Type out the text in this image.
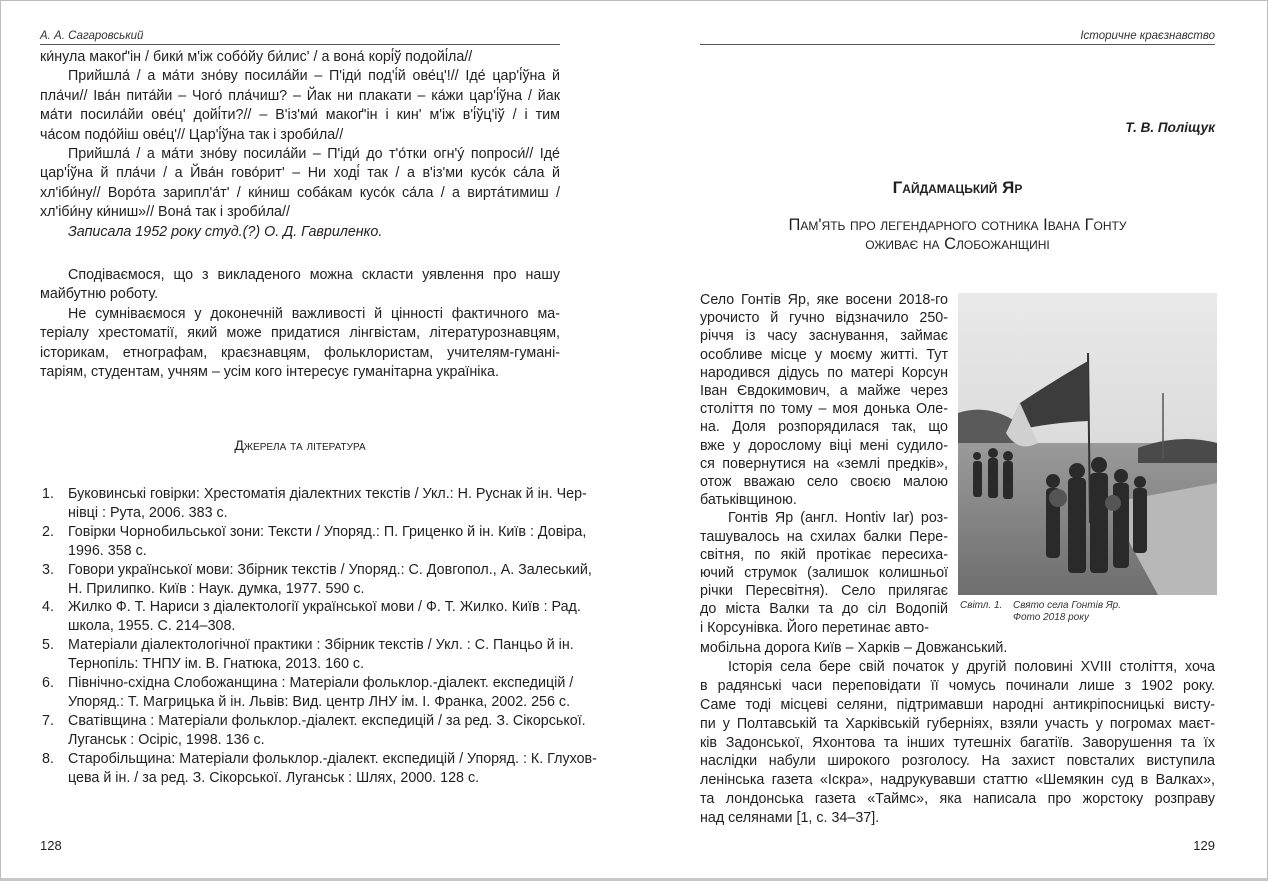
А. А. Сагаровський
ки́нула макоґ'ін / бики́ м'іж собо́йу би́лис' / а вона́ корі́ў подойі́ла//
Прийшла́ / а ма́ти зно́ву посила́йи – П'іди́ под'і́й ове́ц'!// Іде́ цар'і́ўна й
пла́чи// Іва́н пита́йи – Чого́ пла́чиш? – Йак ни плакати – ка́жи цар'і́ўна / йак
ма́ти посила́йи ове́ц' дойі́ти?// – В'із'ми́ макоґ'ін і кин' м'іж в'і́ўц'іў / і тим
ча́сом подо́йіш ове́ц'// Цар'і́ўна так і зроби́ла//
Прийшла́ / а ма́ти зно́ву посила́йи – П'іди́ до т'о́тки огн'ý попроси́// Іде́
цар'і́ўна й пла́чи / а Йва́н гово́рит' – Ни ході́ так / а в'із'ми кусо́к са́ла й
хл'іби́ну// Воро́та зарипл'а́т' / ки́ниш соба́кам кусо́к са́ла / а вирта́тимиш /
хл'іби́ну ки́ниш»// Вона́ так і зроби́ла//
Записала 1952 року студ.(?) О. Д. Гавриленко.
Сподіваємося, що з викладеного можна скласти уявлення про нашу
майбутню роботу.
Не сумніваємося у доконечній важливості й цінності фактичного ма-
теріалу хрестоматії, який може придатися лінгвістам, літературознавцям,
історикам, етнографам, краєзнавцям, фольклористам, учителям-гумані-
таріям, студентам, учням – усім кого інтересує гуманітарна україніка.
Джерела та література
1. Буковинські говірки: Хрестоматія діалектних текстів / Укл.: Н. Руснак й ін. Чер-
нівці : Рута, 2006. 383 с.
2. Говірки Чорнобильської зони: Тексти / Упоряд.: П. Гриценко й ін. Київ : Довіра,
1996. 358 с.
3. Говори української мови: Збірник текстів / Упоряд.: С. Довгопол., А. Залеський,
Н. Прилипко. Київ : Наук. думка, 1977. 590 с.
4. Жилко Ф. Т. Нариси з діалектології української мови / Ф. Т. Жилко. Київ : Рад.
школа, 1955. С. 214–308.
5. Матеріали діалектологічної практики : Збірник текстів / Укл. : С. Панцьо й ін.
Тернопіль: ТНПУ ім. В. Гнатюка, 2013. 160 с.
6. Північно-східна Слобожанщина : Матеріали фольклор.-діалект. експедицій /
Упоряд.: Т. Магрицька й ін. Львів: Вид. центр ЛНУ ім. І. Франка, 2002. 256 с.
7. Сватівщина : Матеріали фольклор.-діалект. експедицій / за ред. З. Сікорської.
Луганськ : Осіріс, 1998. 136 с.
8. Старобільщина: Матеріали фольклор.-діалект. експедицій / Упоряд. : К. Глухов-
цева й ін. / за ред. З. Сікорської. Луганськ : Шлях, 2000. 128 с.
128
Історичне краєзнавство
Т. В. Поліщук
Гайдамацький Яр
Пам'ять про легендарного сотника Івана Гонту
оживає на Слобожанщині
Село Гонтів Яр, яке восени 2018-го
урочисто й гучно відзначило 250-
річчя із часу заснування, займає
особливе місце у моєму житті. Тут
народився дідусь по матері Корсун
Іван Євдокимович, а майже через
століття по тому – моя донька Оле-
на. Доля розпорядилася так, що
вже у дорослому віці мені судило-
ся повернутися на «землі предків»,
отож вважаю село своєю малою
батьківщиною.
Гонтів Яр (англ. Hontiv Iar) роз-
ташувалось на схилах балки Пере-
світня, по якій протікає пересиха-
ючий струмок (залишок колишньої
річки Пересвітня). Село прилягає
до міста Валки та до сіл Водопій
і Корсунівка. Його перетинає авто-
мобільна дорога Київ – Харків – Довжанський.
Історія села бере свій початок у другій половині XVIII століття, хоча
в радянські часи переповідати її чомусь починали лише з 1902 року.
Саме тоді місцеві селяни, підтримавши народні антикріпосницькі висту-
пи у Полтавській та Харківській губерніях, взяли участь у погромах маєт-
ків Задонської, Яхонтова та інших тутешніх багатіїв. Заворушення та їх
наслідки набули широкого розголосу. На захист повсталих виступила
ленінська газета «Іскра», надрукувавши статтю «Шемякин суд в Валках»,
та лондонська газета «Таймс», яка написала про жорстоку розправу
над селянами [1, с. 34–37].
Світл. 1. Свято села Гонтів Яр.
Фото 2018 року
129
